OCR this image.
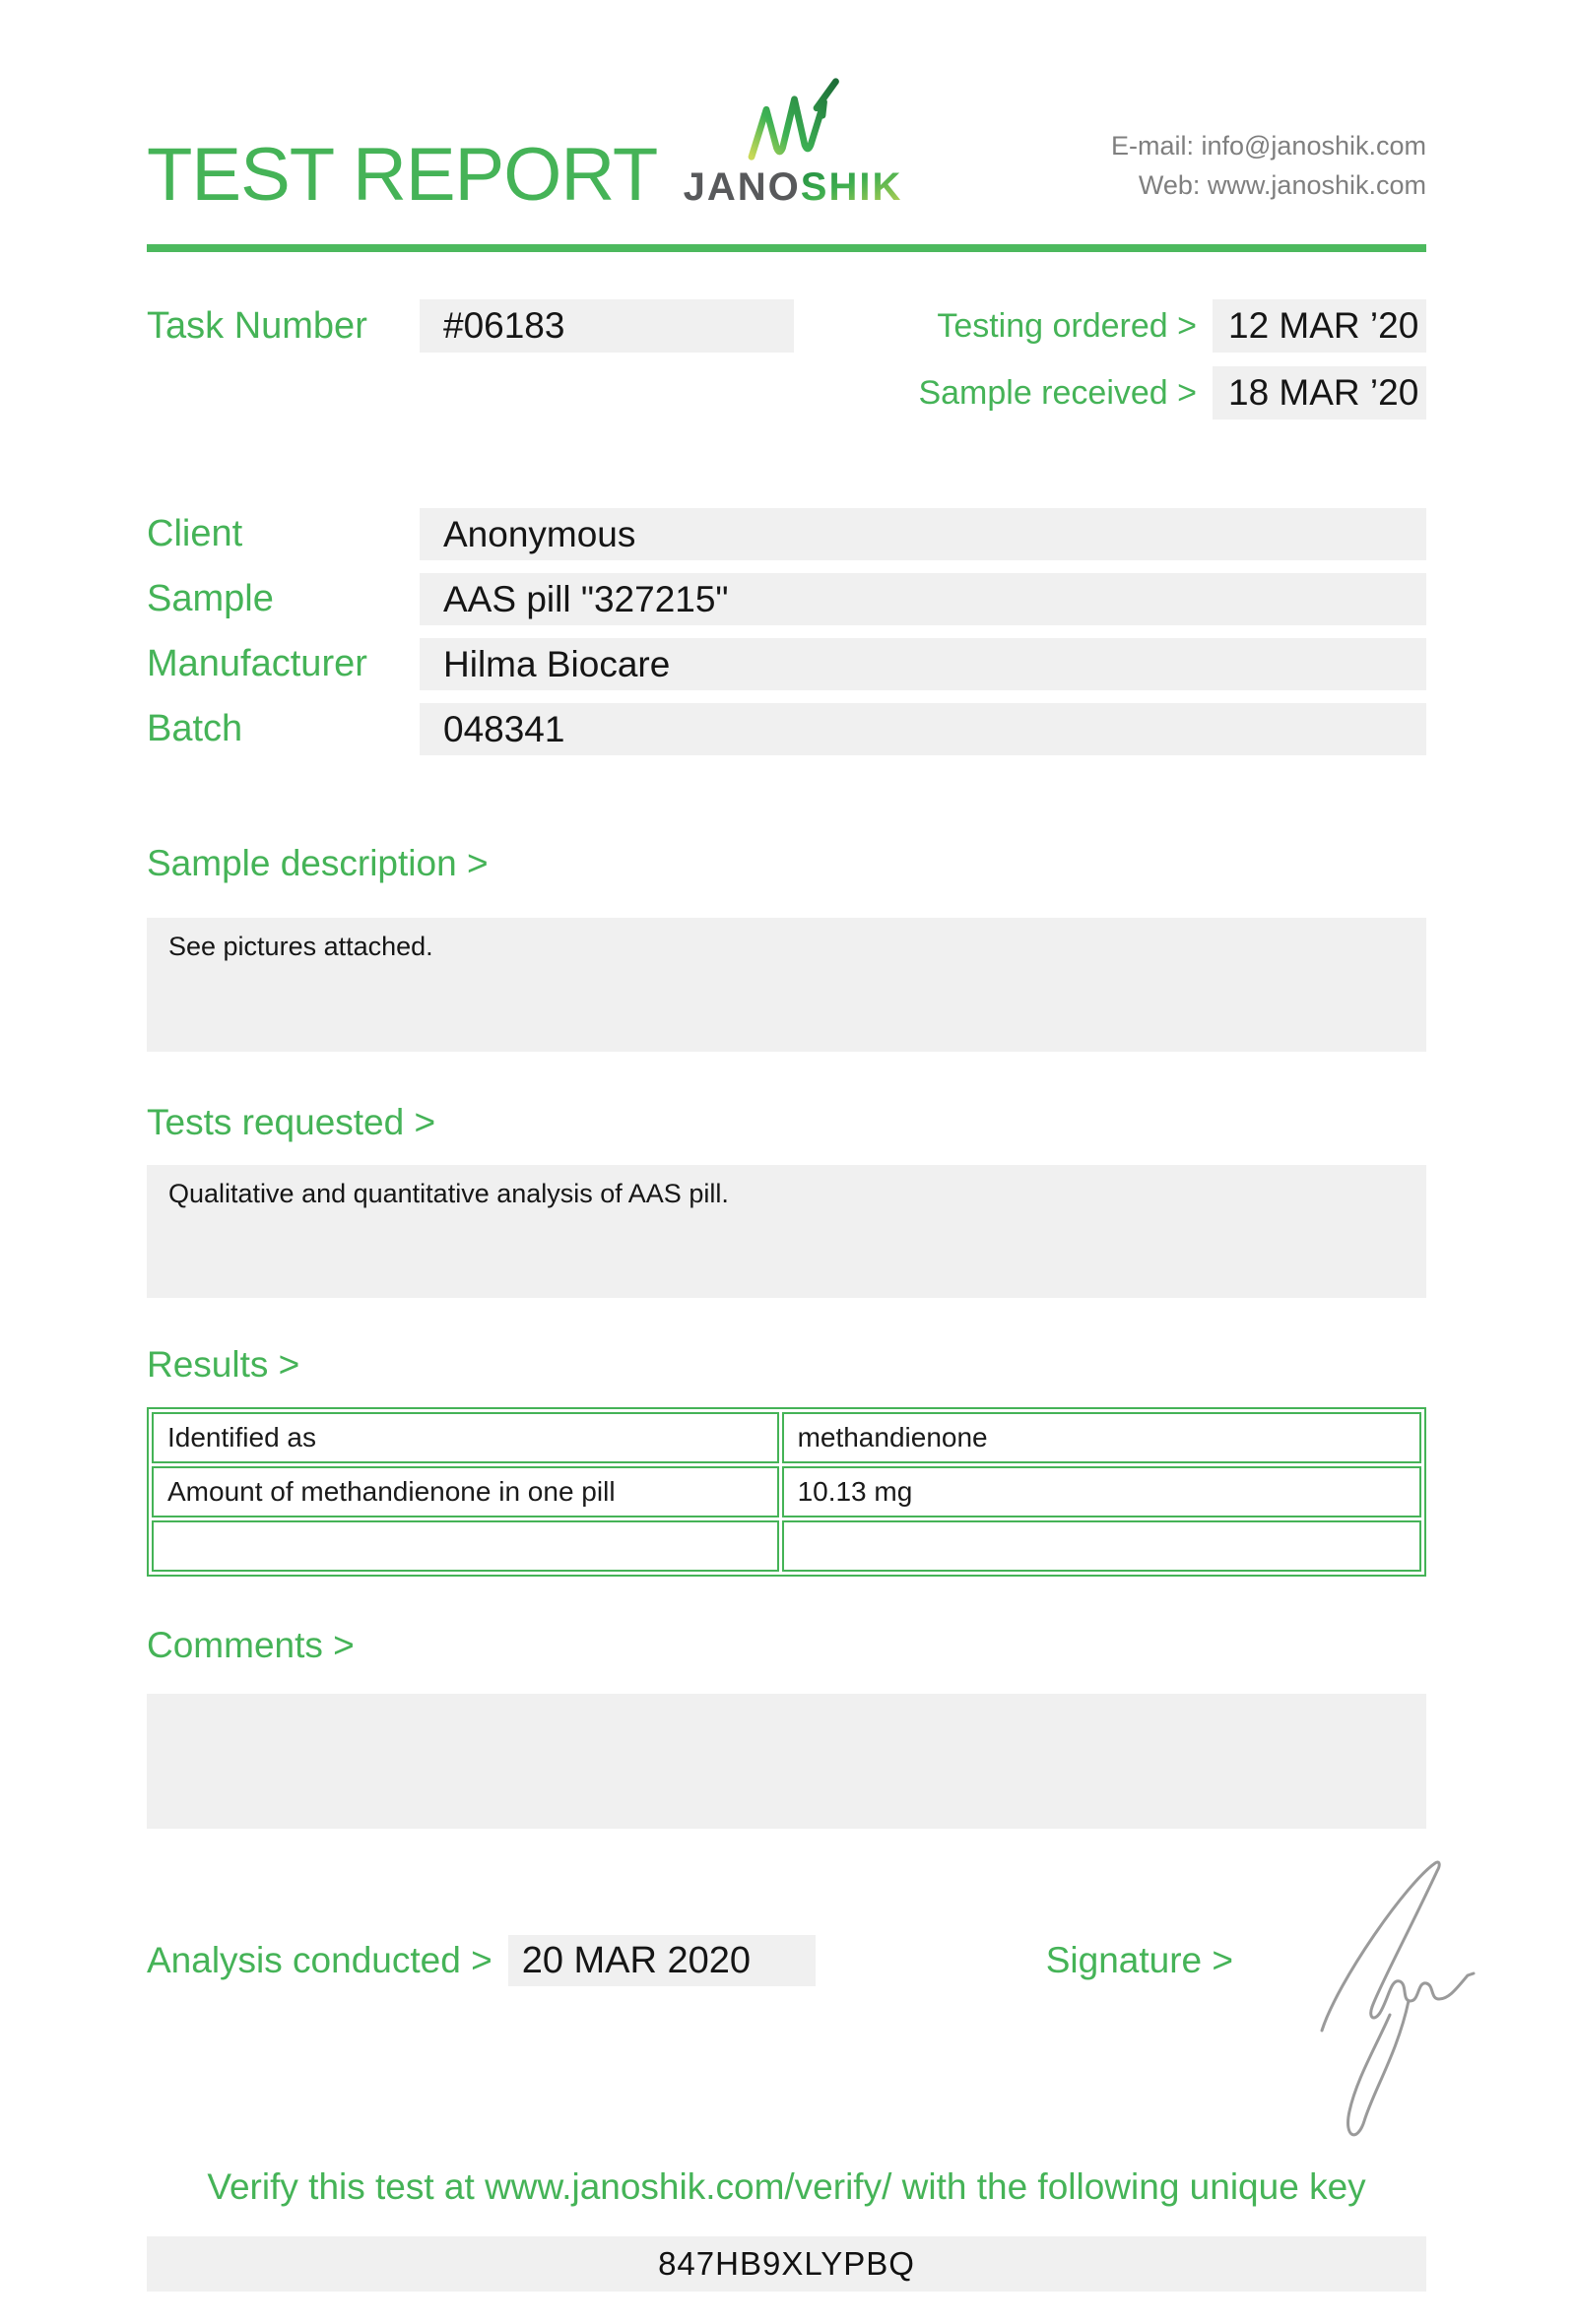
TEST REPORT JANOSHIK
E-mail: info@janoshik.com
Web: www.janoshik.com
Task Number	#06183	Testing ordered > 12 MAR ’20
Sample received > 18 MAR ’20
Client	Anonymous
Sample	AAS pill "327215"
Manufacturer	Hilma Biocare
Batch	048341
Sample description >
See pictures attached.
Tests requested >
Qualitative and quantitative analysis of AAS pill.
Results >
Identified as	methandienone
Amount of methandienone in one pill	10.13 mg

Comments >
Analysis conducted > 20 MAR 2020	Signature >
Verify this test at www.janoshik.com/verify/ with the following unique key
847HB9XLYPBQ
